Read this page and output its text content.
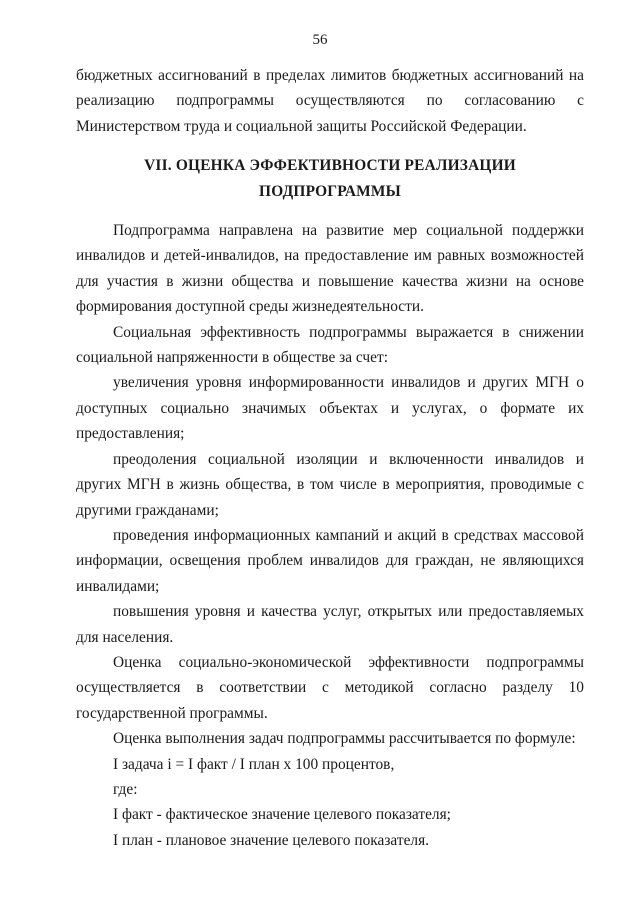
56

бюджетных ассигнований в пределах лимитов бюджетных ассигнований на реализацию подпрограммы осуществляются по согласованию с Министерством труда и социальной защиты Российской Федерации.

VII. ОЦЕНКА ЭФФЕКТИВНОСТИ РЕАЛИЗАЦИИ ПОДПРОГРАММЫ

Подпрограмма направлена на развитие мер социальной поддержки инвалидов и детей-инвалидов, на предоставление им равных возможностей для участия в жизни общества и повышение качества жизни на основе формирования доступной среды жизнедеятельности.

Социальная эффективность подпрограммы выражается в снижении социальной напряженности в обществе за счет:

увеличения уровня информированности инвалидов и других МГН о доступных социально значимых объектах и услугах, о формате их предоставления;

преодоления социальной изоляции и включенности инвалидов и других МГН в жизнь общества, в том числе в мероприятия, проводимые с другими гражданами;

проведения информационных кампаний и акций в средствах массовой информации, освещения проблем инвалидов для граждан, не являющихся инвалидами;

повышения уровня и качества услуг, открытых или предоставляемых для населения.

Оценка социально-экономической эффективности подпрограммы осуществляется в соответствии с методикой согласно разделу 10 государственной программы.

Оценка выполнения задач подпрограммы рассчитывается по формуле:

I задача i = I факт / I план x 100 процентов,

где:

I факт - фактическое значение целевого показателя;

I план - плановое значение целевого показателя.
